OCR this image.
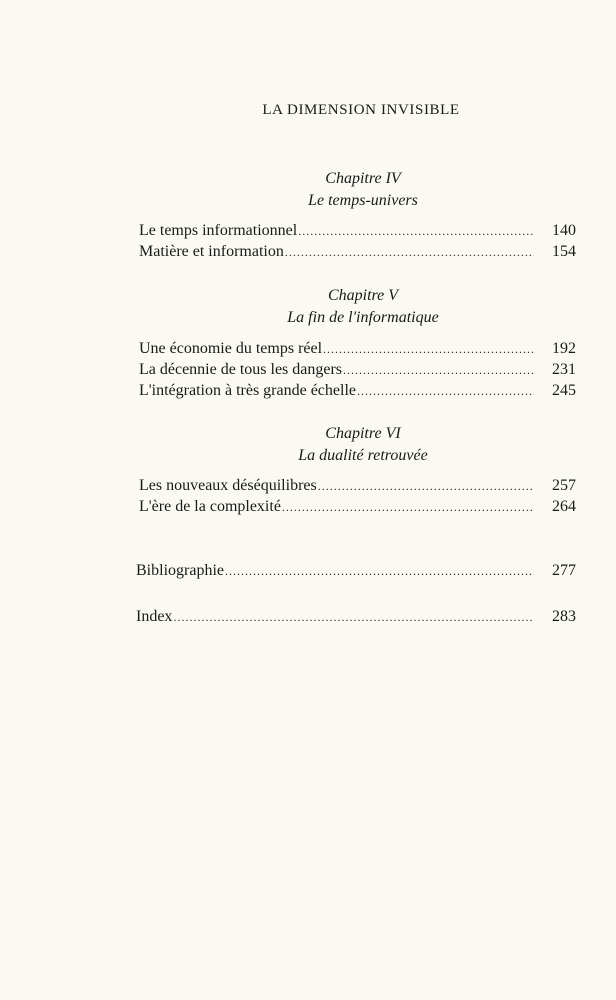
LA DIMENSION INVISIBLE
Chapitre IV
Le temps-univers
Le temps informationnel .....	140
Matière et information .....	154
Chapitre V
La fin de l'informatique
Une économie du temps réel .....	192
La décennie de tous les dangers .....	231
L'intégration à très grande échelle .....	245
Chapitre VI
La dualité retrouvée
Les nouveaux déséquilibres .....	257
L'ère de la complexité .....	264
Bibliographie .....	277
Index .....	283
